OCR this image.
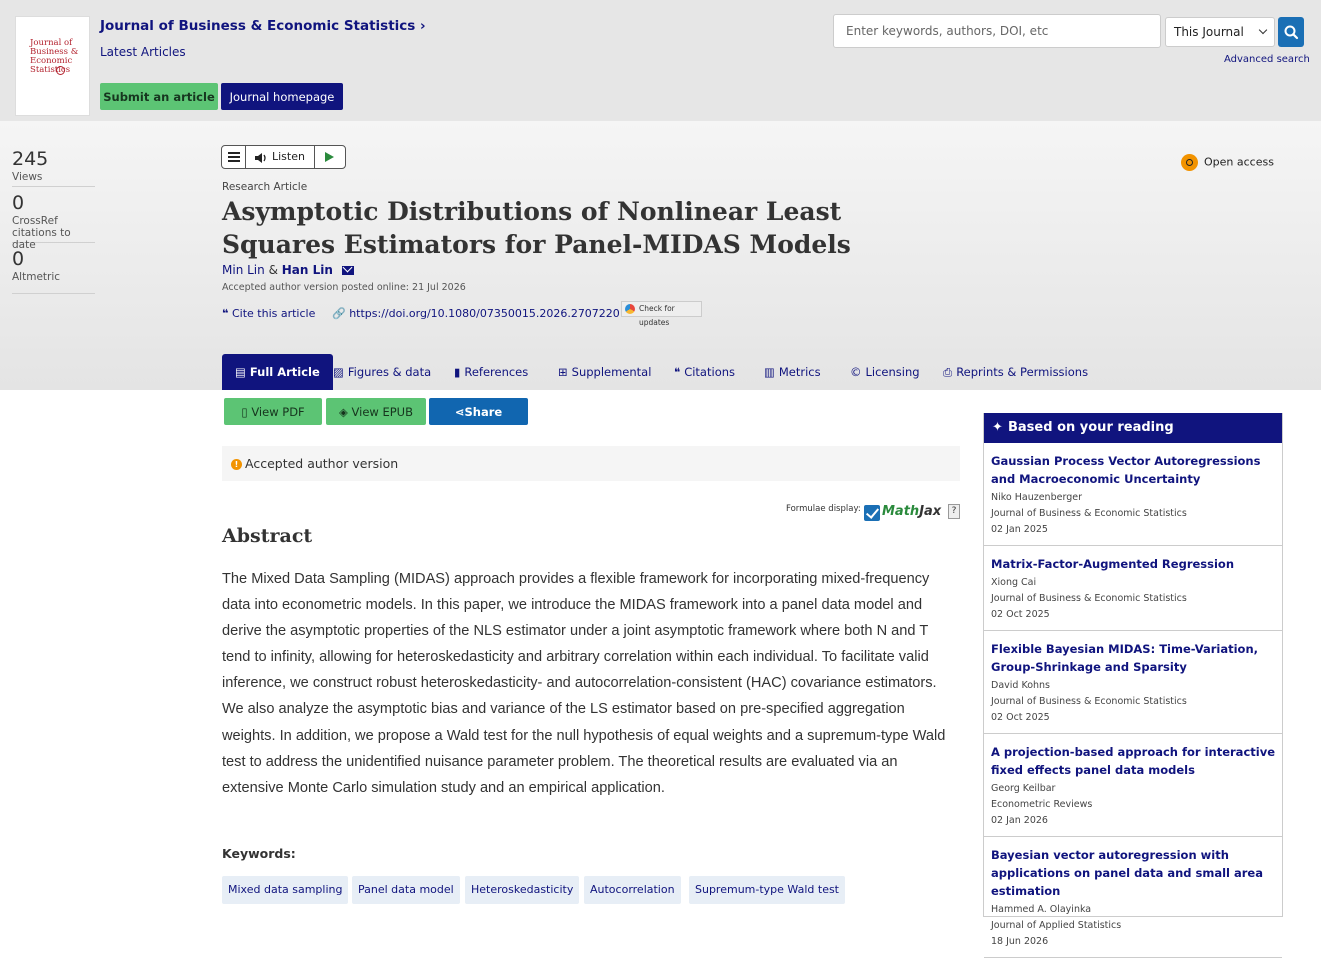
Journal of Business & Economic Statistics
Journal of Business & Economic Statistics ›
Latest Articles
Submit an article	Journal homepage
Enter keywords, authors, DOI, etc
This Journal
Advanced search
245
Views
0
CrossRef citations to date
0
Altmetric
Listen	Open access
Research Article
Asymptotic Distributions of Nonlinear Least Squares Estimators for Panel-MIDAS Models
Min Lin & Han Lin
Accepted author version posted online: 21 Jul 2026
❝ Cite this article 🔗 https://doi.org/10.1080/07350015.2026.2707220	Check for updates
▤ Full Article	▨ Figures & data ▮ References	⊞ Supplemental ❝ Citations	▥ Metrics	© Licensing ⎙ Reprints & Permissions
▯ View PDF	◈ View EPUB	⋖Share
! Accepted author version
Formulae display: MathJax	?
Abstract

The Mixed Data Sampling (MIDAS) approach provides a flexible framework for incorporating mixed-frequency data into econometric models. In this paper, we introduce the MIDAS framework into a panel data model and derive the asymptotic properties of the NLS estimator under a joint asymptotic framework where both N and T tend to infinity, allowing for heteroskedasticity and arbitrary correlation within each individual. To facilitate valid inference, we construct robust heteroskedasticity- and autocorrelation-consistent (HAC) covariance estimators. We also analyze the asymptotic bias and variance of the LS estimator based on pre-specified aggregation weights. In addition, we propose a Wald test for the null hypothesis of equal weights and a supremum-type Wald test to address the unidentified nuisance parameter problem. The theoretical results are evaluated via an extensive Monte Carlo simulation study and an empirical application.

Keywords:
Mixed data sampling	Panel data model	Heteroskedasticity	Autocorrelation	Supremum-type Wald test
✦ Based on your reading
Gaussian Process Vector Autoregressions and Macroeconomic Uncertainty
Niko Hauzenberger
Journal of Business & Economic Statistics
02 Jan 2025
Matrix-Factor-Augmented Regression
Xiong Cai
Journal of Business & Economic Statistics
02 Oct 2025
Flexible Bayesian MIDAS: Time-Variation, Group-Shrinkage and Sparsity
David Kohns
Journal of Business & Economic Statistics
02 Oct 2025
A projection-based approach for interactive fixed effects panel data models
Georg Keilbar
Econometric Reviews
02 Jan 2026
Bayesian vector autoregression with applications on panel data and small area estimation
Hammed A. Olayinka
Journal of Applied Statistics
18 Jun 2026
